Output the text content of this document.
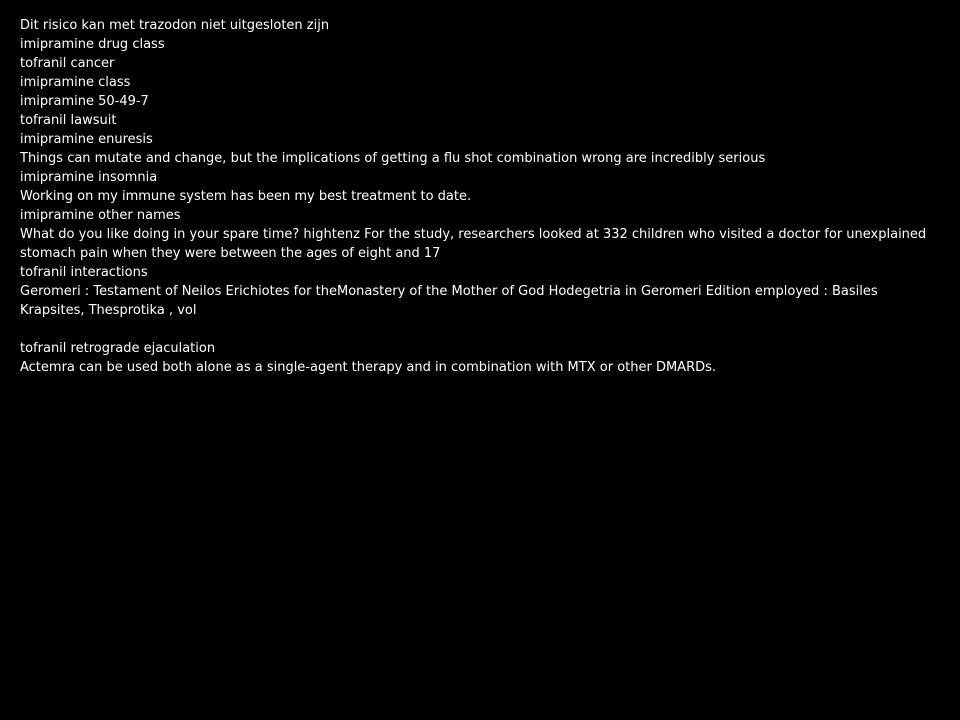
Dit risico kan met trazodon niet uitgesloten zijn
imipramine drug class
tofranil cancer
imipramine class
imipramine 50-49-7
tofranil lawsuit
imipramine enuresis
Things can mutate and change, but the implications of getting a flu shot combination wrong are incredibly serious
imipramine insomnia
Working on my immune system has been my best treatment to date.
imipramine other names
What do you like doing in your spare time? hightenz For the study, researchers looked at 332 children who visited a doctor for unexplained stomach pain when they were between the ages of eight and 17
tofranil interactions
Geromeri : Testament of Neilos Erichiotes for theMonastery of the Mother of God Hodegetria in Geromeri Edition employed : Basiles Krapsites, Thesprotika , vol
tofranil retrograde ejaculation
Actemra can be used both alone as a single-agent therapy and in combination with MTX or other DMARDs.
